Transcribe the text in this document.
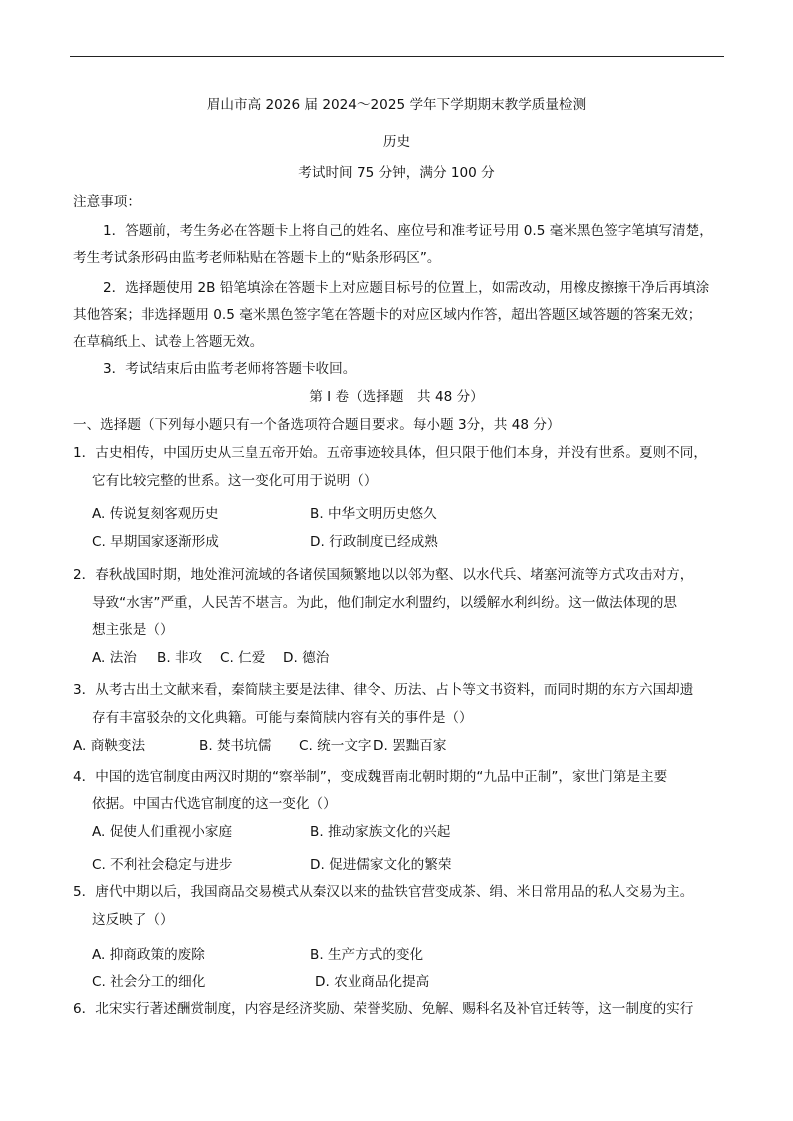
眉山市高 2026 届 2024～2025 学年下学期期末教学质量检测
历史
考试时间 75 分钟，满分 100 分
注意事项：
1．答题前，考生务必在答题卡上将自己的姓名、座位号和准考证号用 0.5 毫米黑色签字笔填写清楚，
考生考试条形码由监考老师粘贴在答题卡上的“贴条形码区”。
2．选择题使用 2B 铅笔填涂在答题卡上对应题目标号的位置上，如需改动，用橡皮擦擦干净后再填涂
其他答案；非选择题用 0.5 毫米黑色签字笔在答题卡的对应区域内作答，超出答题区域答题的答案无效；
在草稿纸上、试卷上答题无效。
3．考试结束后由监考老师将答题卡收回。
第 I 卷（选择题　共 48 分）
一、选择题（下列每小题只有一个备选项符合题目要求。每小题 3分，共 48 分）
1．古史相传，中国历史从三皇五帝开始。五帝事迹较具体，但只限于他们本身，并没有世系。夏则不同，
它有比较完整的世系。这一变化可用于说明（）
A. 传说复刻客观历史	B. 中华文明历史悠久
C. 早期国家逐渐形成	D. 行政制度已经成熟
2．春秋战国时期，地处淮河流域的各诸侯国频繁地以以邻为壑、以水代兵、堵塞河流等方式攻击对方，
导致“水害”严重，人民苦不堪言。为此，他们制定水利盟约，以缓解水利纠纷。这一做法体现的思
想主张是（）
A. 法治 B. 非攻 C. 仁爱 D. 德治
3．从考古出土文献来看，秦简牍主要是法律、律令、历法、占卜等文书资料，而同时期的东方六国却遗
存有丰富驳杂的文化典籍。可能与秦简牍内容有关的事件是（）
A. 商鞅变法	B. 焚书坑儒 C. 统一文字 D. 罢黜百家
4．中国的选官制度由两汉时期的“察举制”，变成魏晋南北朝时期的“九品中正制”，家世门第是主要
依据。中国古代选官制度的这一变化（）
A. 促使人们重视小家庭	B. 推动家族文化的兴起
C. 不利社会稳定与进步	D. 促进儒家文化的繁荣
5．唐代中期以后，我国商品交易模式从秦汉以来的盐铁官营变成茶、绢、米日常用品的私人交易为主。
这反映了（）
A. 抑商政策的废除	B. 生产方式的变化
C. 社会分工的细化	D. 农业商品化提高
6．北宋实行著述酬赏制度，内容是经济奖励、荣誉奖励、免解、赐科名及补官迁转等，这一制度的实行
